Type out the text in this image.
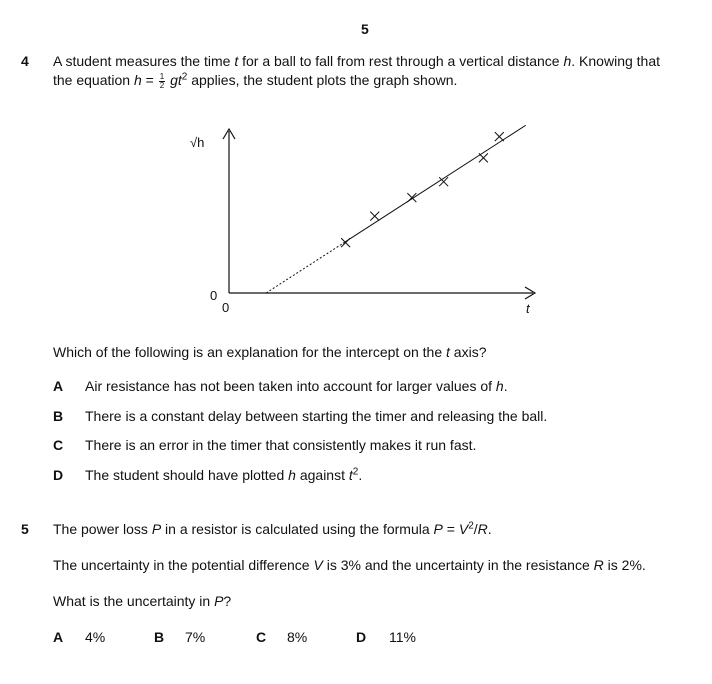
5
4 A student measures the time t for a ball to fall from rest through a vertical distance h. Knowing that
the equation $h = \frac{1}{2} gt^2$ applies, the student plots the graph shown.
√h
0
0	t
Which of the following is an explanation for the intercept on the t axis?
A Air resistance has not been taken into account for larger values of h.
B There is a constant delay between starting the timer and releasing the ball.
C There is an error in the timer that consistently makes it run fast.
D The student should have plotted h against $t^2$.
5 The power loss P in a resistor is calculated using the formula $P = V^2/R$.
The uncertainty in the potential difference V is 3% and the uncertainty in the resistance R is 2%.
What is the uncertainty in P?
A 4%	B 7%	C 8%	D 11%
